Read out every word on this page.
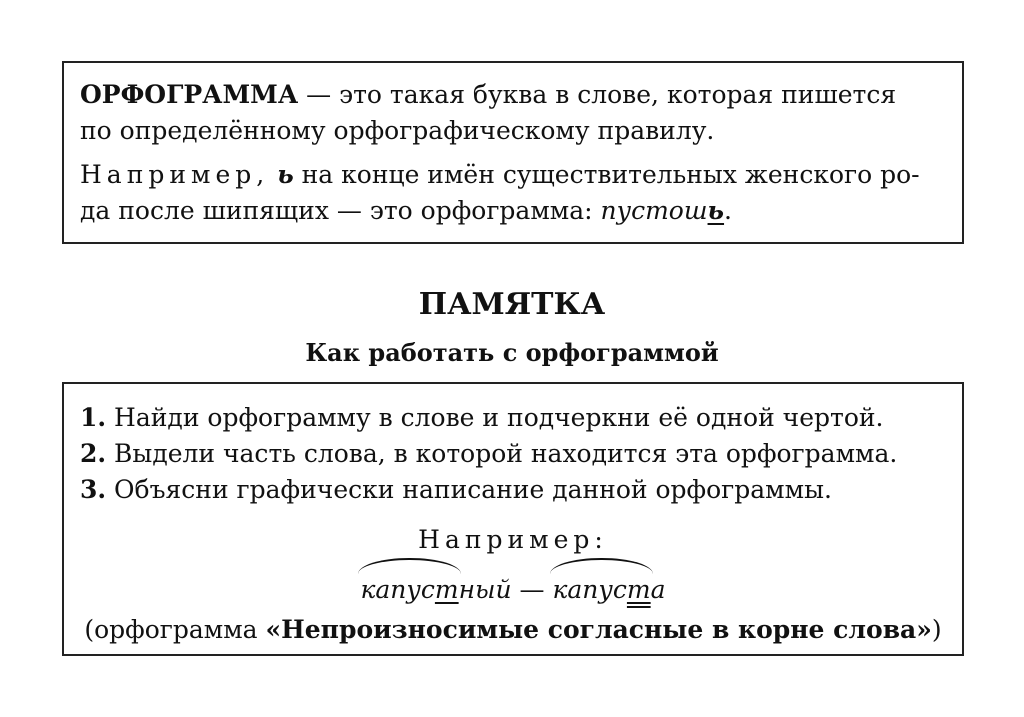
ОРФОГРАММА — это такая буква в слове, которая пишется
по определённому орфографическому правилу.
Например, ь на конце имён существительных женского ро-
да после шипящих — это орфограмма: пустошь.
ПАМЯТКА
Как работать с орфограммой
1. Найди орфограмму в слове и подчеркни её одной чертой.
2. Выдели часть слова, в которой находится эта орфограмма.
3. Объясни графически написание данной орфограммы.
Например:
капустный —
капуста
(орфограмма «Непроизносимые согласные в корне слова»)
